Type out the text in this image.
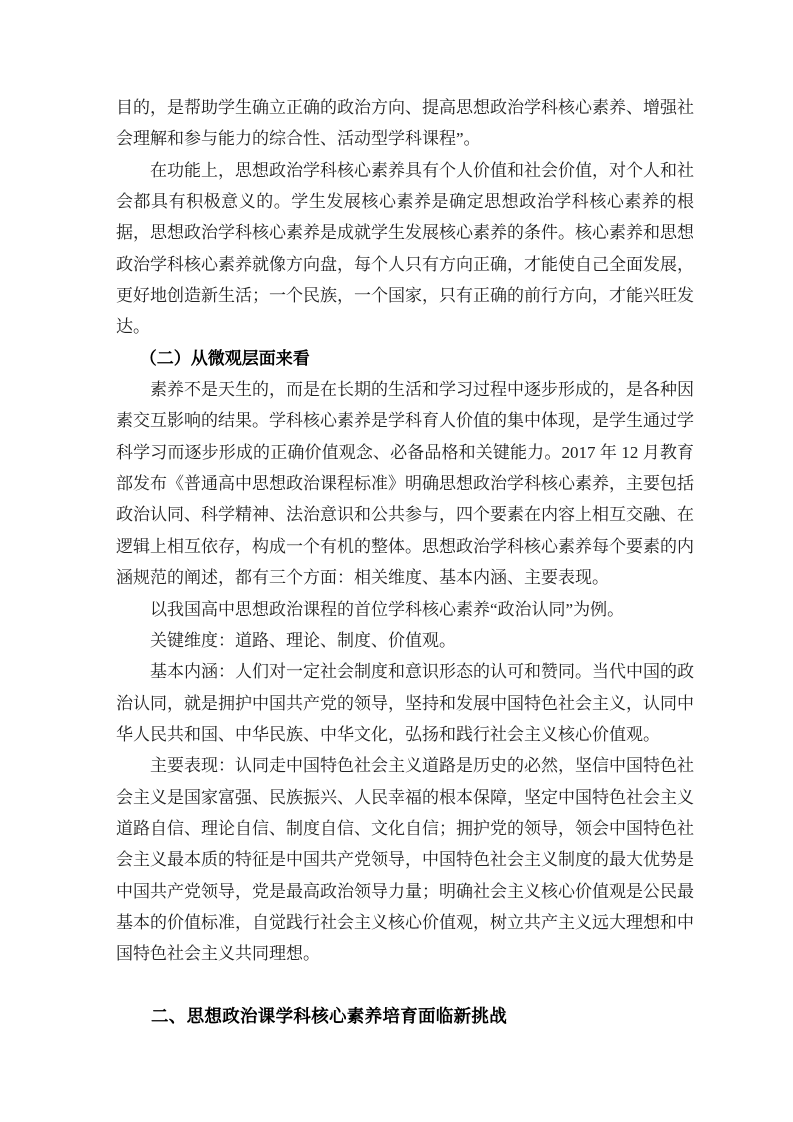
目的，是帮助学生确立正确的政治方向、提高思想政治学科核心素养、增强社会理解和参与能力的综合性、活动型学科课程”。

在功能上，思想政治学科核心素养具有个人价值和社会价值，对个人和社会都具有积极意义的。学生发展核心素养是确定思想政治学科核心素养的根据，思想政治学科核心素养是成就学生发展核心素养的条件。核心素养和思想政治学科核心素养就像方向盘，每个人只有方向正确，才能使自己全面发展，更好地创造新生活；一个民族，一个国家，只有正确的前行方向，才能兴旺发达。

（二）从微观层面来看

素养不是天生的，而是在长期的生活和学习过程中逐步形成的，是各种因素交互影响的结果。学科核心素养是学科育人价值的集中体现，是学生通过学科学习而逐步形成的正确价值观念、必备品格和关键能力。2017 年 12 月教育部发布《普通高中思想政治课程标准》明确思想政治学科核心素养，主要包括政治认同、科学精神、法治意识和公共参与，四个要素在内容上相互交融、在逻辑上相互依存，构成一个有机的整体。思想政治学科核心素养每个要素的内涵规范的阐述，都有三个方面：相关维度、基本内涵、主要表现。

以我国高中思想政治课程的首位学科核心素养“政治认同”为例。

关键维度：道路、理论、制度、价值观。

基本内涵：人们对一定社会制度和意识形态的认可和赞同。当代中国的政治认同，就是拥护中国共产党的领导，坚持和发展中国特色社会主义，认同中华人民共和国、中华民族、中华文化，弘扬和践行社会主义核心价值观。

主要表现：认同走中国特色社会主义道路是历史的必然，坚信中国特色社会主义是国家富强、民族振兴、人民幸福的根本保障，坚定中国特色社会主义道路自信、理论自信、制度自信、文化自信；拥护党的领导，领会中国特色社会主义最本质的特征是中国共产党领导，中国特色社会主义制度的最大优势是中国共产党领导，党是最高政治领导力量；明确社会主义核心价值观是公民最基本的价值标准，自觉践行社会主义核心价值观，树立共产主义远大理想和中国特色社会主义共同理想。

二、思想政治课学科核心素养培育面临新挑战
